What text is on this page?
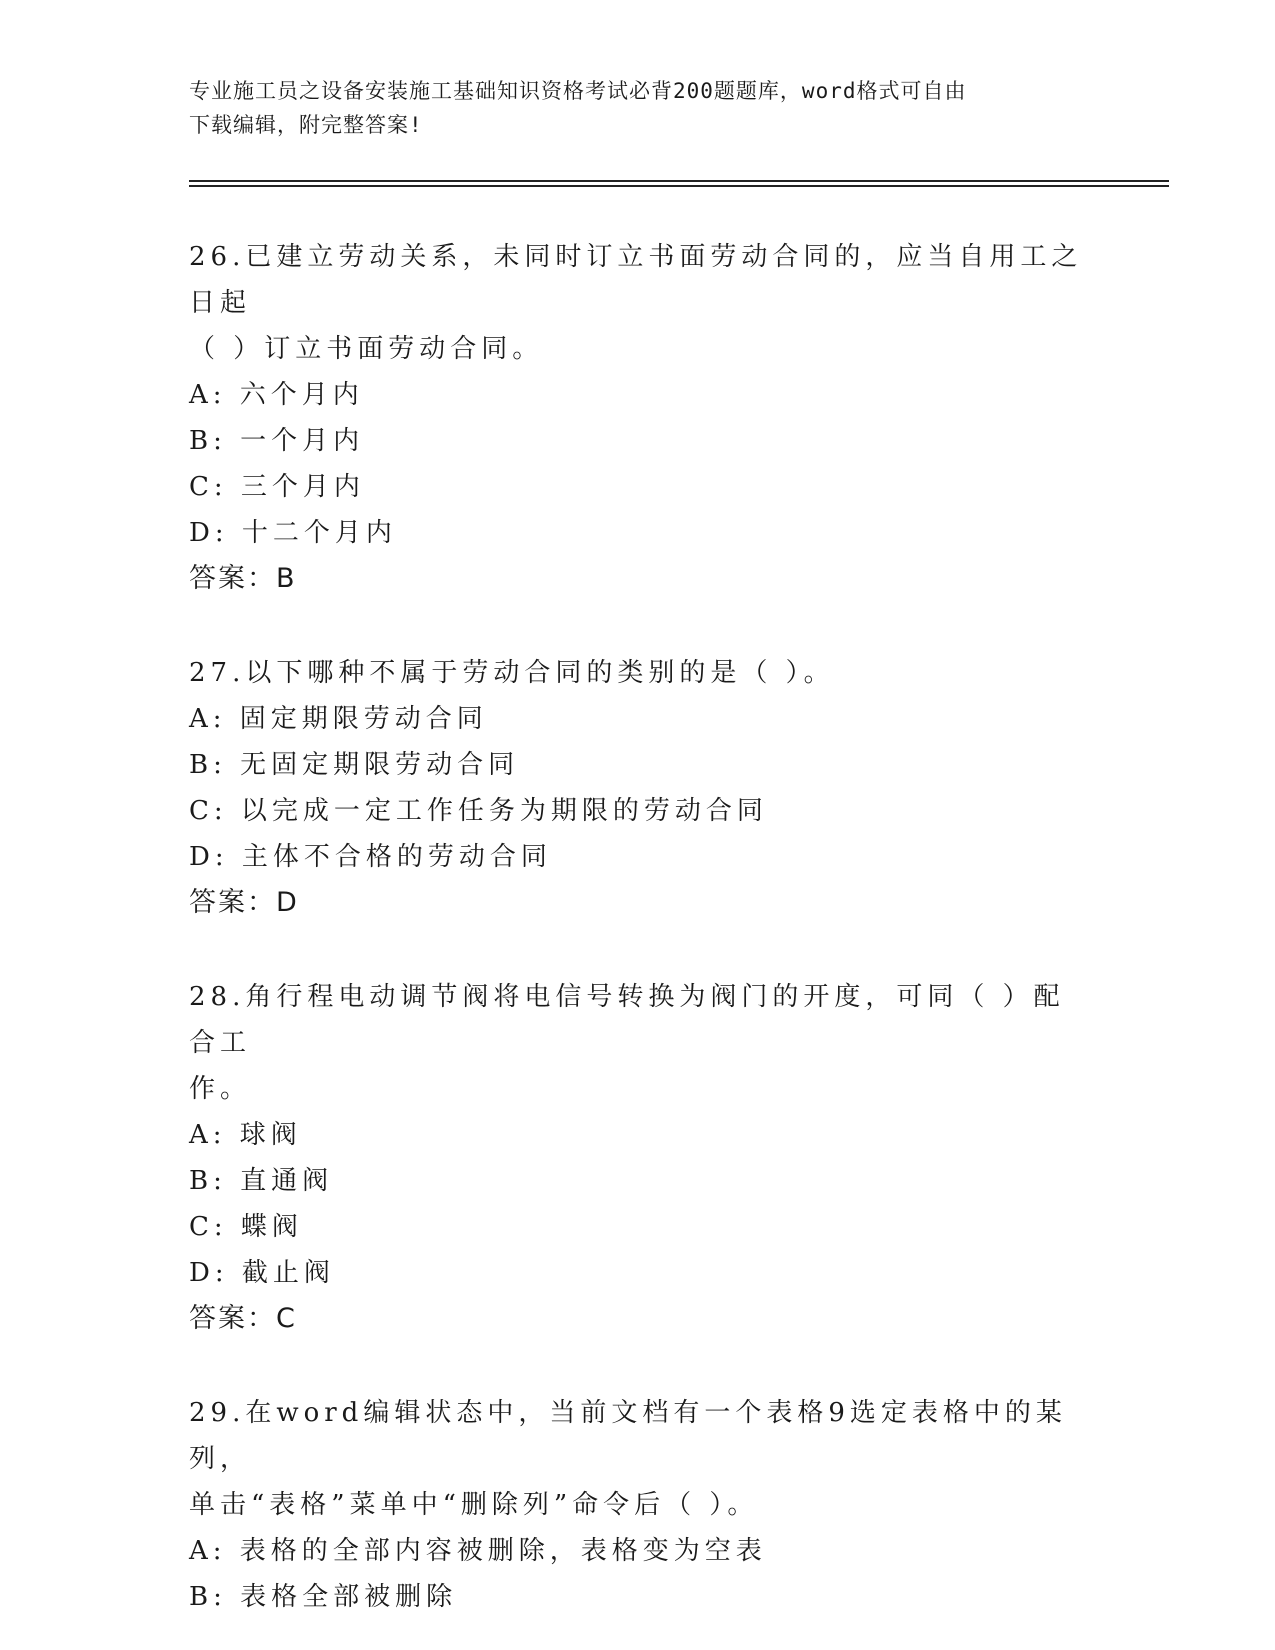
专业施工员之设备安装施工基础知识资格考试必背200题题库，word格式可自由
下载编辑，附完整答案!
26.已建立劳动关系，未同时订立书面劳动合同的，应当自用工之日起
（ ）订立书面劳动合同。
A: 六个月内
B: 一个月内
C: 三个月内
D: 十二个月内
答案：B
27.以下哪种不属于劳动合同的类别的是（ ）。
A: 固定期限劳动合同
B: 无固定期限劳动合同
C: 以完成一定工作任务为期限的劳动合同
D: 主体不合格的劳动合同
答案：D
28.角行程电动调节阀将电信号转换为阀门的开度，可同（ ）配合工
作。
A: 球阀
B: 直通阀
C: 蝶阀
D: 截止阀
答案：C
29.在word编辑状态中，当前文档有一个表格9选定表格中的某列，
单击“表格”菜单中“删除列”命令后（ ）。
A: 表格的全部内容被删除，表格变为空表
B: 表格全部被删除
